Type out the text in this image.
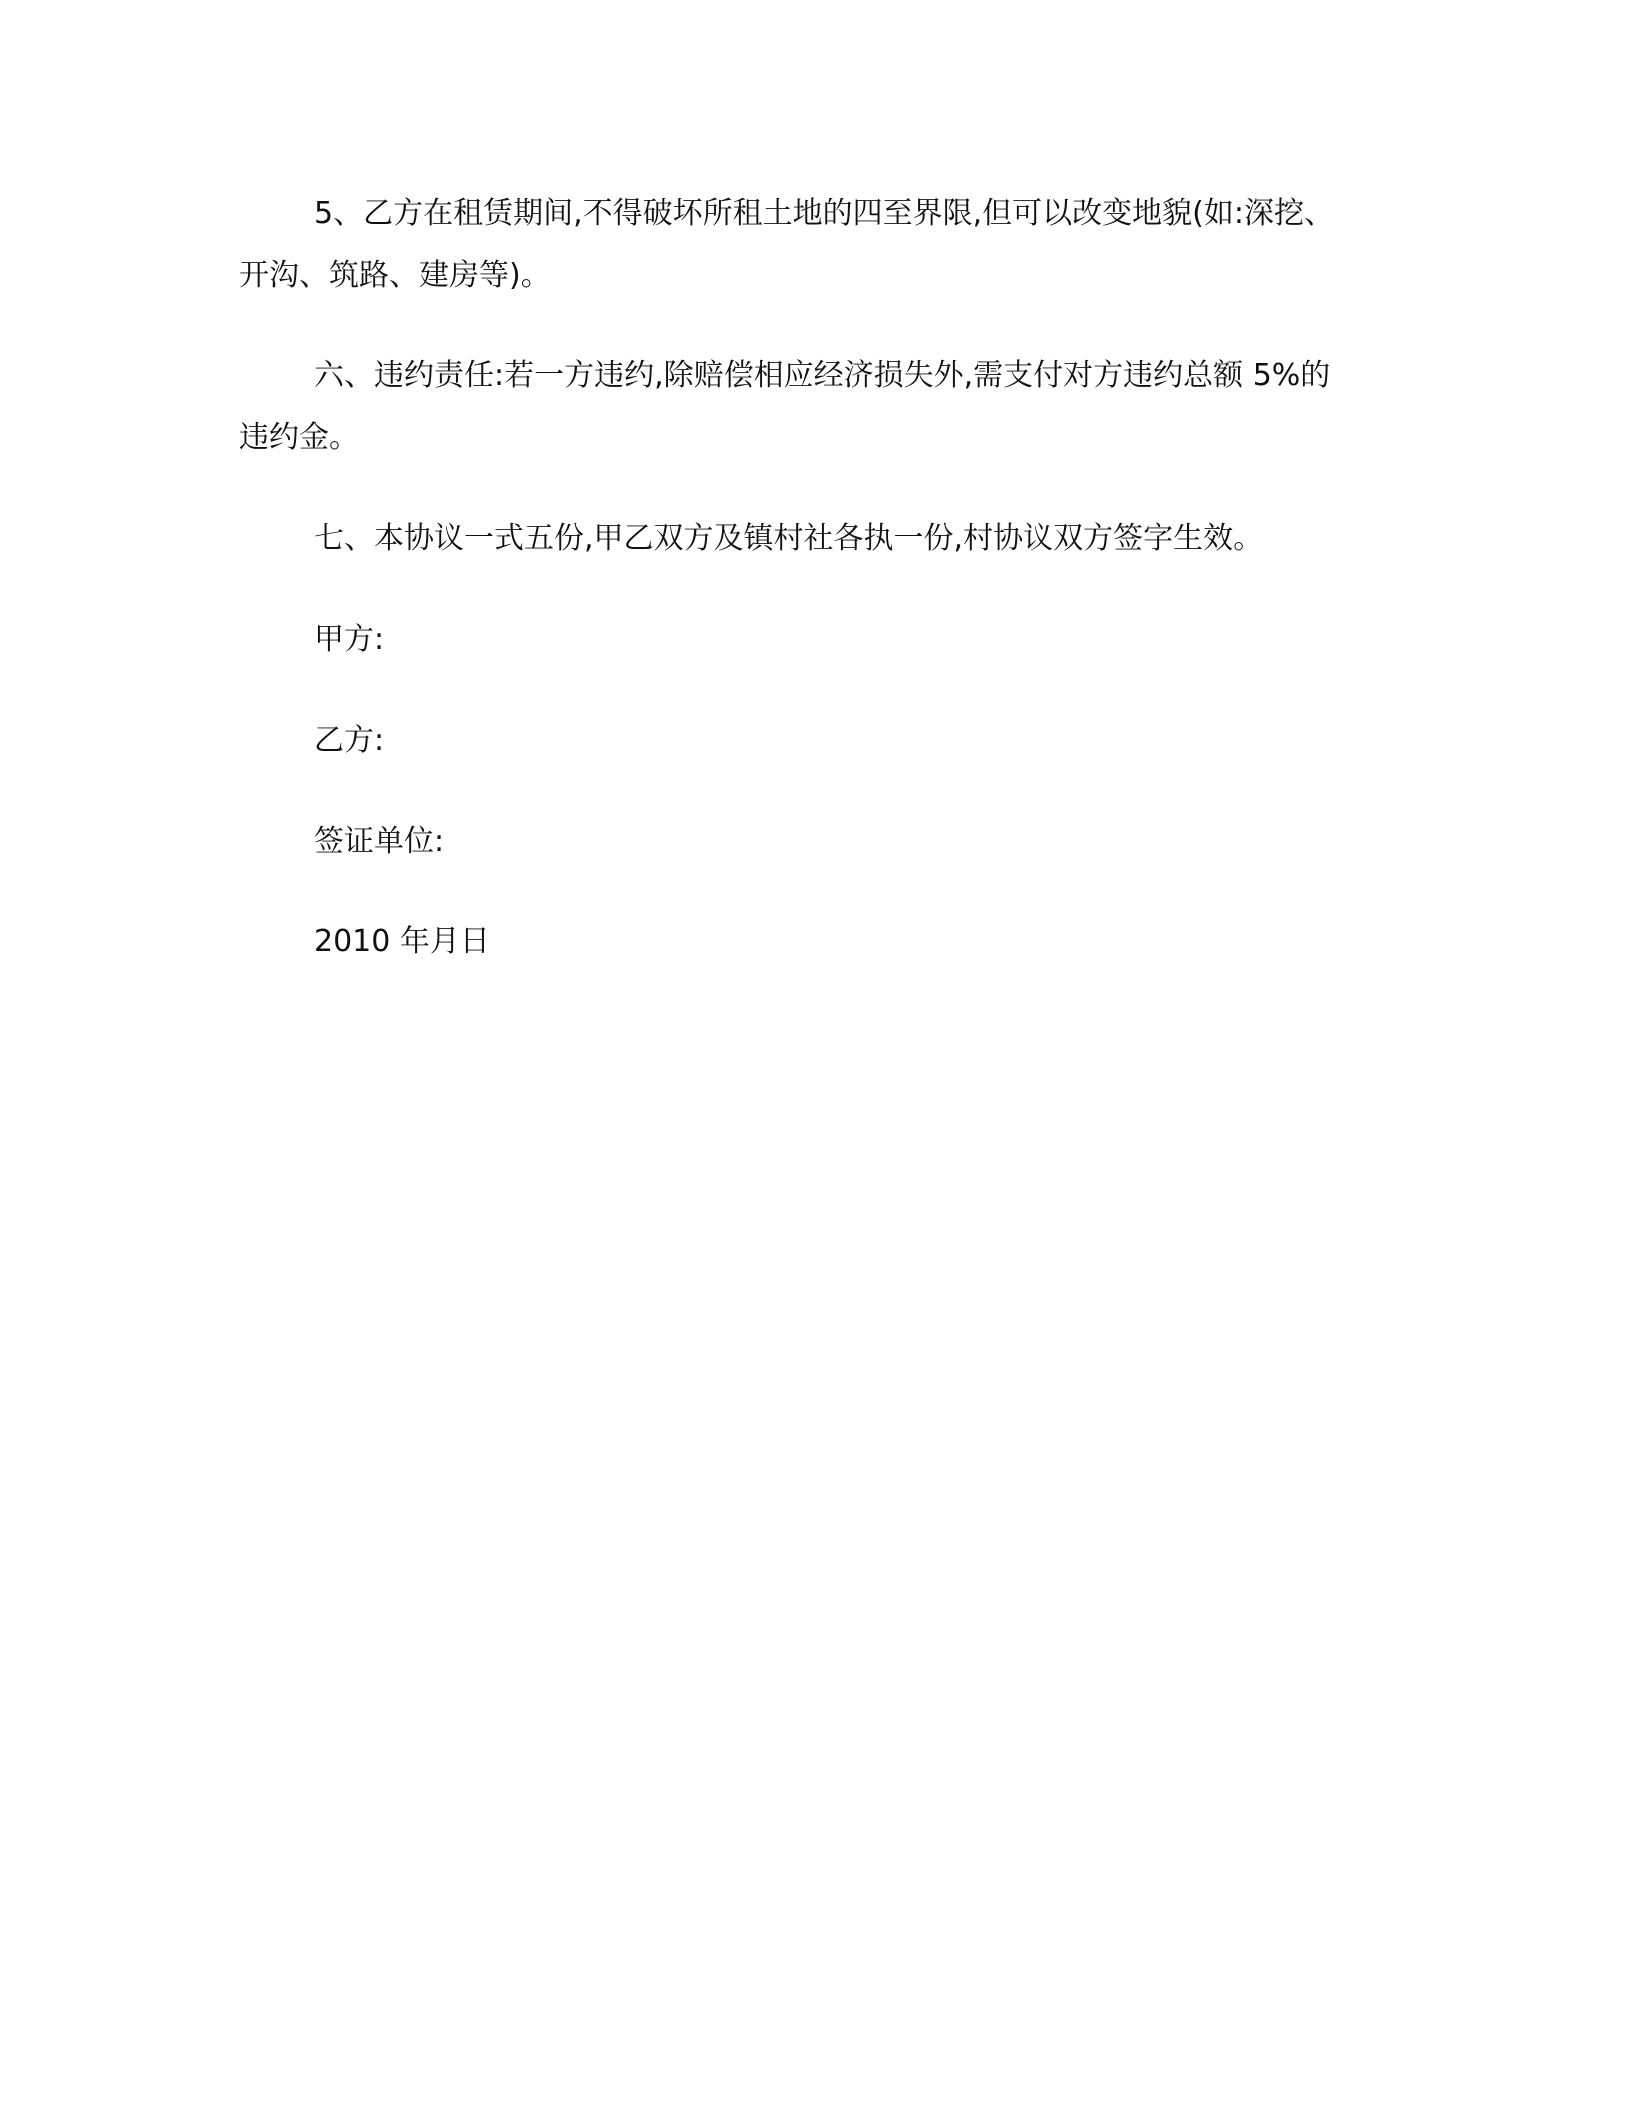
5、乙方在租赁期间,不得破坏所租土地的四至界限,但可以改变地貌(如:深挖、开沟、筑路、建房等)。

六、违约责任:若一方违约,除赔偿相应经济损失外,需支付对方违约总额 5%的违约金。

七、本协议一式五份,甲乙双方及镇村社各执一份,村协议双方签字生效。

甲方:

乙方:

签证单位:

2010 年月日
